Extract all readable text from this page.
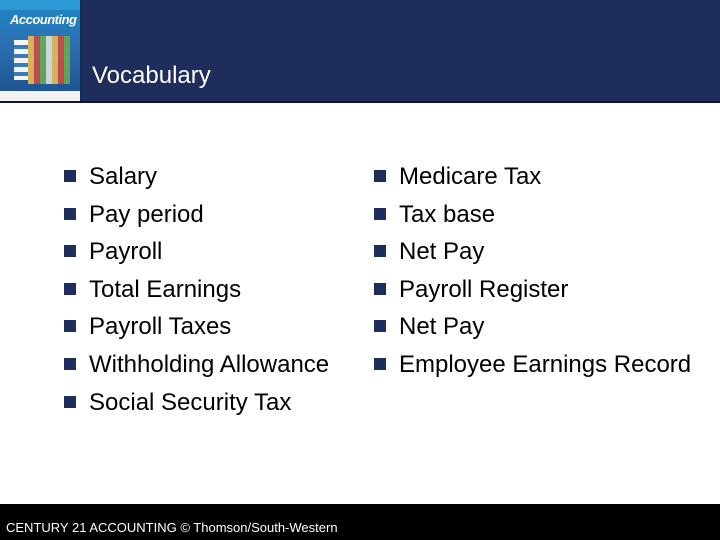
Accounting
Vocabulary
Salary
Pay period
Payroll
Total Earnings
Payroll Taxes
Withholding Allowance
Social Security Tax
Medicare Tax
Tax base
Net Pay
Payroll Register
Net Pay
Employee Earnings Record
CENTURY 21 ACCOUNTING © Thomson/South-Western
